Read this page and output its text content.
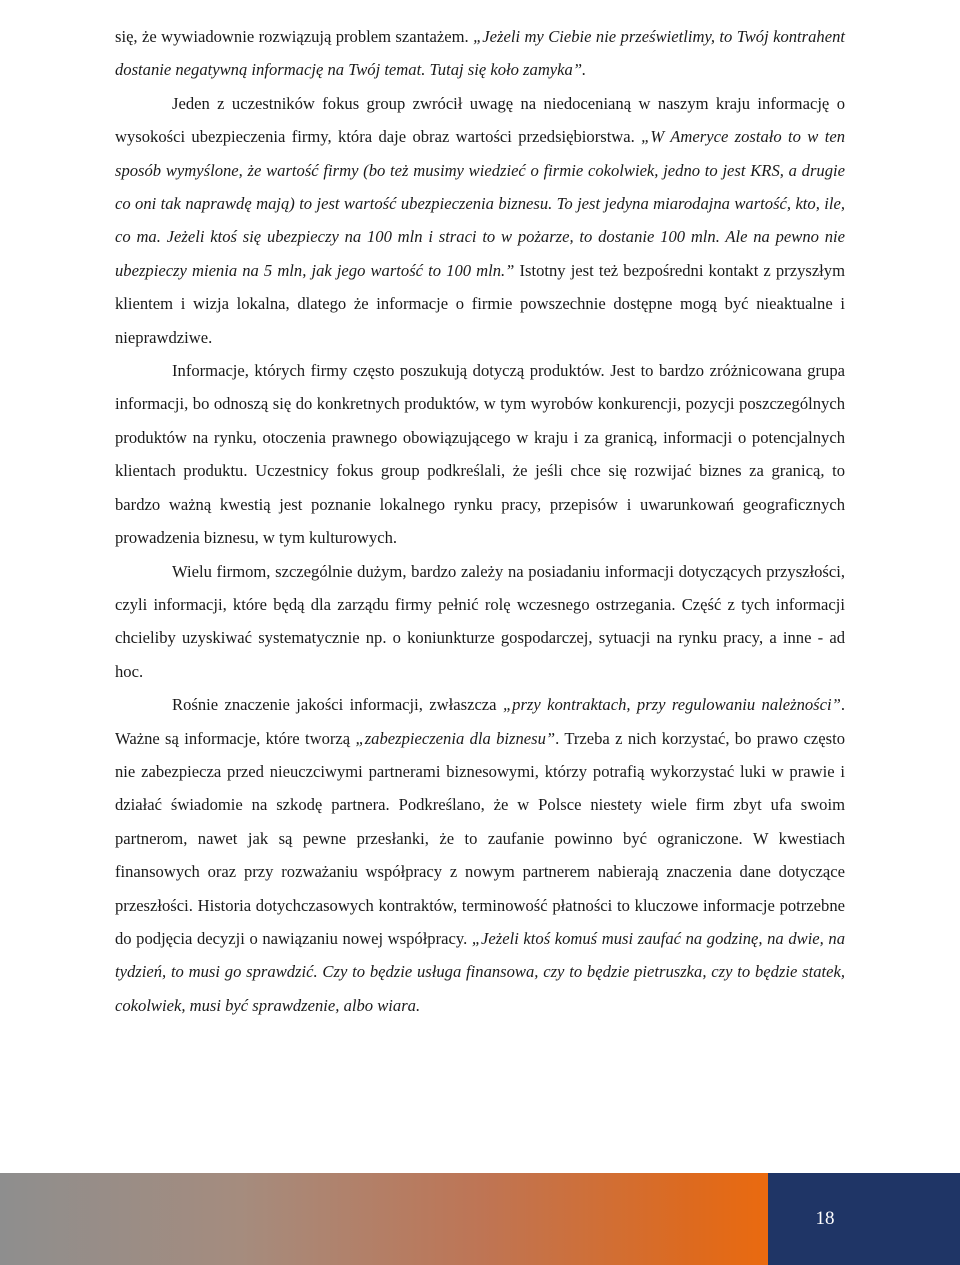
się, że wywiadownie rozwiązują problem szantażem. „Jeżeli my Ciebie nie prześwietlimy, to Twój kontrahent dostanie negatywną informację na Twój temat. Tutaj się koło zamyka”.

Jeden z uczestników fokus group zwrócił uwagę na niedocenianą w naszym kraju informację o wysokości ubezpieczenia firmy, która daje obraz wartości przedsiębiorstwa. „W Ameryce zostało to w ten sposób wymyślone, że wartość firmy (bo też musimy wiedzieć o firmie cokolwiek, jedno to jest KRS, a drugie co oni tak naprawdę mają) to jest wartość ubezpieczenia biznesu. To jest jedyna miarodajna wartość, kto, ile, co ma. Jeżeli ktoś się ubezpieczy na 100 mln i straci to w pożarze, to dostanie 100 mln. Ale na pewno nie ubezpieczy mienia na 5 mln, jak jego wartość to 100 mln.” Istotny jest też bezpośredni kontakt z przyszłym klientem i wizja lokalna, dlatego że informacje o firmie powszechnie dostępne mogą być nieaktualne i nieprawdziwe.

Informacje, których firmy często poszukują dotyczą produktów. Jest to bardzo zróżnicowana grupa informacji, bo odnoszą się do konkretnych produktów, w tym wyrobów konkurencji, pozycji poszczególnych produktów na rynku, otoczenia prawnego obowiązującego w kraju i za granicą, informacji o potencjalnych klientach produktu. Uczestnicy fokus group podkreślali, że jeśli chce się rozwijać biznes za granicą, to bardzo ważną kwestią jest poznanie lokalnego rynku pracy, przepisów i uwarunkowań geograficznych prowadzenia biznesu, w tym kulturowych.

Wielu firmom, szczególnie dużym, bardzo zależy na posiadaniu informacji dotyczących przyszłości, czyli informacji, które będą dla zarządu firmy pełnić rolę wczesnego ostrzegania. Część z tych informacji chcieliby uzyskiwać systematycznie np. o koniunkturze gospodarczej, sytuacji na rynku pracy, a inne - ad hoc.

Rośnie znaczenie jakości informacji, zwłaszcza „przy kontraktach, przy regulowaniu należności”. Ważne są informacje, które tworzą „zabezpieczenia dla biznesu”. Trzeba z nich korzystać, bo prawo często nie zabezpiecza przed nieuczciwymi partnerami biznesowymi, którzy potrafią wykorzystać luki w prawie i działać świadomie na szkodę partnera. Podkreślano, że w Polsce niestety wiele firm zbyt ufa swoim partnerom, nawet jak są pewne przesłanki, że to zaufanie powinno być ograniczone. W kwestiach finansowych oraz przy rozważaniu współpracy z nowym partnerem nabierają znaczenia dane dotyczące przeszłości. Historia dotychczasowych kontraktów, terminowość płatności to kluczowe informacje potrzebne do podjęcia decyzji o nawiązaniu nowej współpracy. „Jeżeli ktoś komuś musi zaufać na godzinę, na dwie, na tydzień, to musi go sprawdzić. Czy to będzie usługa finansowa, czy to będzie pietruszka, czy to będzie statek, cokolwiek, musi być sprawdzenie, albo wiara.

18
